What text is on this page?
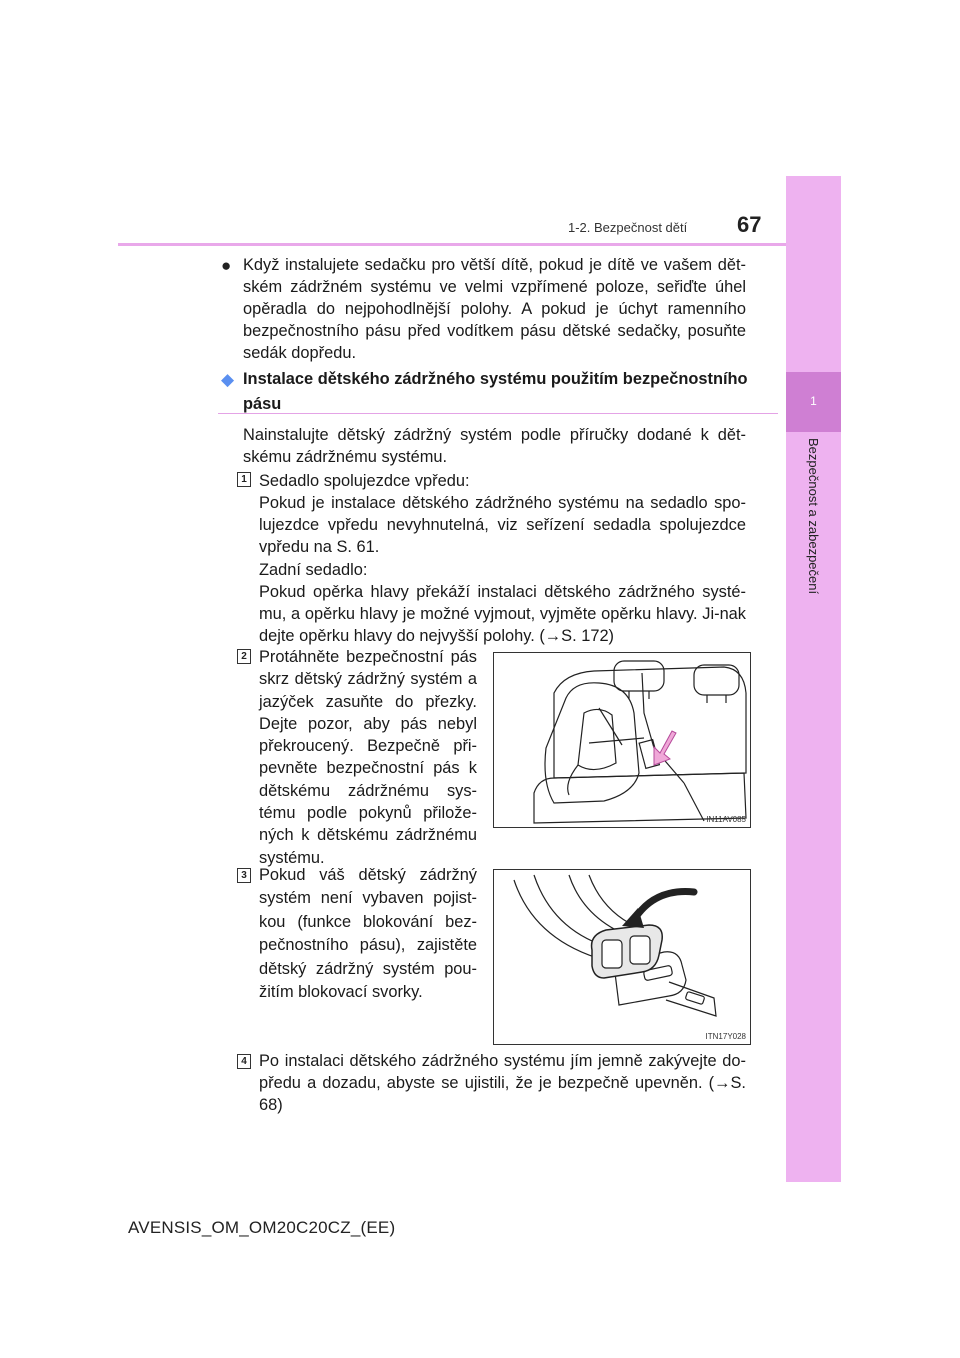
1-2. Bezpečnost dětí 67
1
Bezpečnost a zabezpečení
● Když instalujete sedačku pro větší dítě, pokud je dítě ve vašem dět-ském zádržném systému ve velmi vzpřímené poloze, seřiďte úhel opěradla do nejpohodlnější polohy. A pokud je úchyt ramenního bezpečnostního pásu před vodítkem pásu dětské sedačky, posuňte sedák dopředu.
◆ Instalace dětského zádržného systému použitím bezpečnostního pásu
Nainstalujte dětský zádržný systém podle příručky dodané k dět-skému zádržnému systému.
1 Sedadlo spolujezdce vpředu:
Pokud je instalace dětského zádržného systému na sedadlo spo-lujezdce vpředu nevyhnutelná, viz seřízení sedadla spolujezdce vpředu na S. 61.
Zadní sedadlo:
Pokud opěrka hlavy překáží instalaci dětského zádržného systé-mu, a opěrku hlavy je možné vyjmout, vyjměte opěrku hlavy. Ji-nak dejte opěrku hlavy do nejvyšší polohy. (→S. 172)
2 Protáhněte bezpečnostní pás skrz dětský zádržný systém a jazýček zasuňte do přezky. Dejte pozor, aby pás nebyl překroucený. Bezpečně při-pevněte bezpečnostní pás k dětskému zádržnému sys-tému podle pokynů přilože-ných k dětskému zádržnému systému.
IN11AV085
3 Pokud váš dětský zádržný systém není vybaven pojist-kou (funkce blokování bez-pečnostního pásu), zajistěte dětský zádržný systém pou-žitím blokovací svorky.
ITN17Y028
4 Po instalaci dětského zádržného systému jím jemně zakývejte do-předu a dozadu, abyste se ujistili, že je bezpečně upevněn. (→S. 68)
AVENSIS_OM_OM20C20CZ_(EE)
